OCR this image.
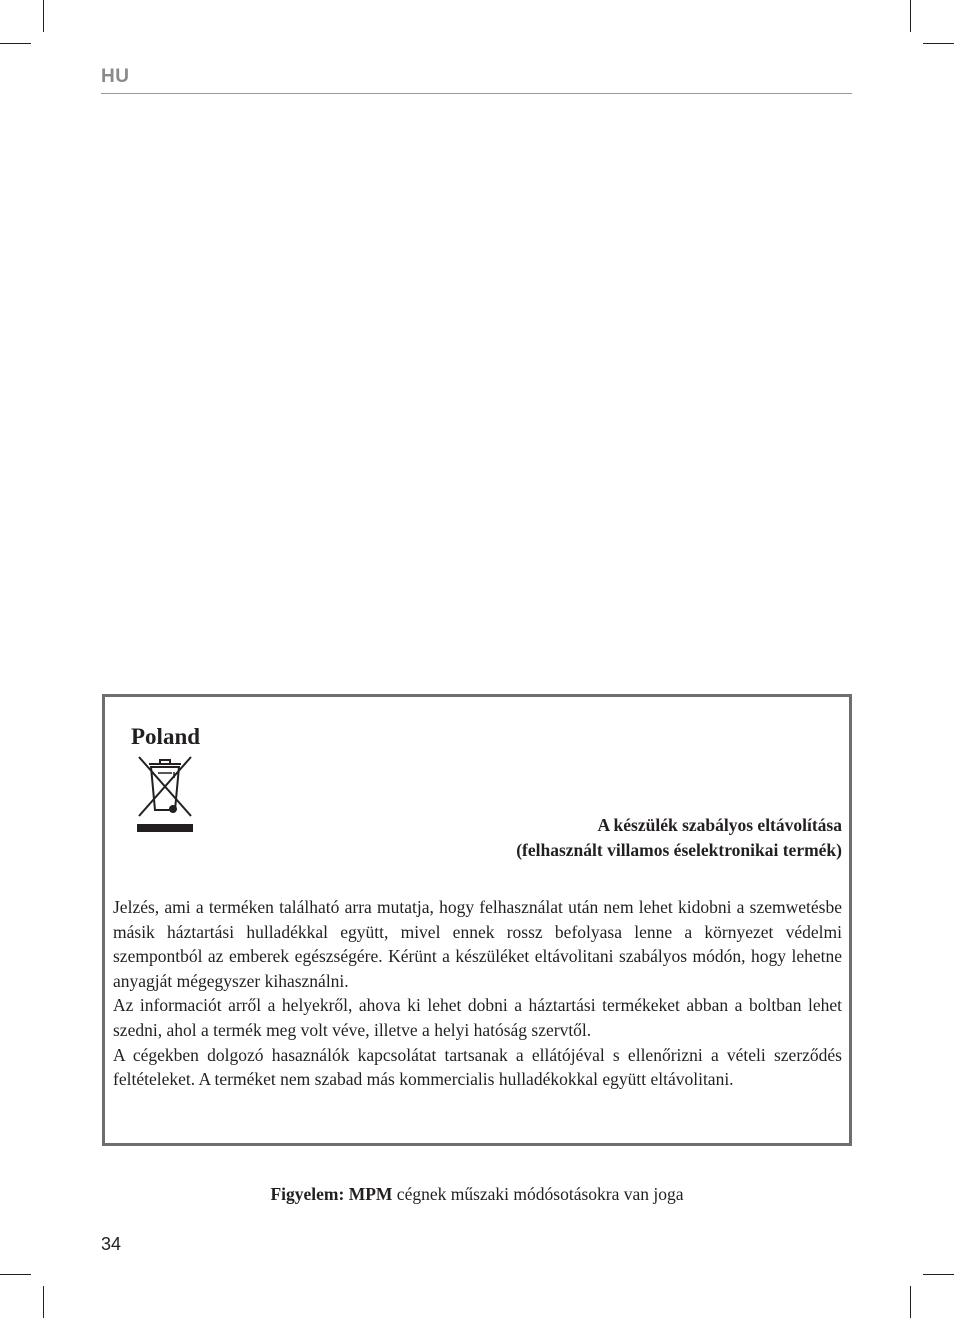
HU
Poland
A készülék szabályos eltávolítása
(felhasznált villamos éselektronikai termék)

Jelzés, ami a terméken található arra mutatja, hogy felhasználat után nem lehet kidobni a szemwetésbe másik háztartási hulladékkal együtt, mivel ennek rossz befolyasa lenne a környezet védelmi szempontból az emberek egészségére. Kérünt a készüléket eltávolitani szabályos módón, hogy lehetne anyagját mégegyszer kihasználni.

Az informaciót arről a helyekről, ahova ki lehet dobni a háztartási termékeket abban a boltban lehet szedni, ahol a termék meg volt véve, illetve a helyi hatóság szervtől.

A cégekben dolgozó hasaználók kapcsolátat tartsanak a ellátójéval s ellenőrizni a vételi szerződés feltételeket. A terméket nem szabad más kommercialis hulladékokkal együtt eltávolitani.

Figyelem: MPM cégnek műszaki módósotásokra van joga
34
